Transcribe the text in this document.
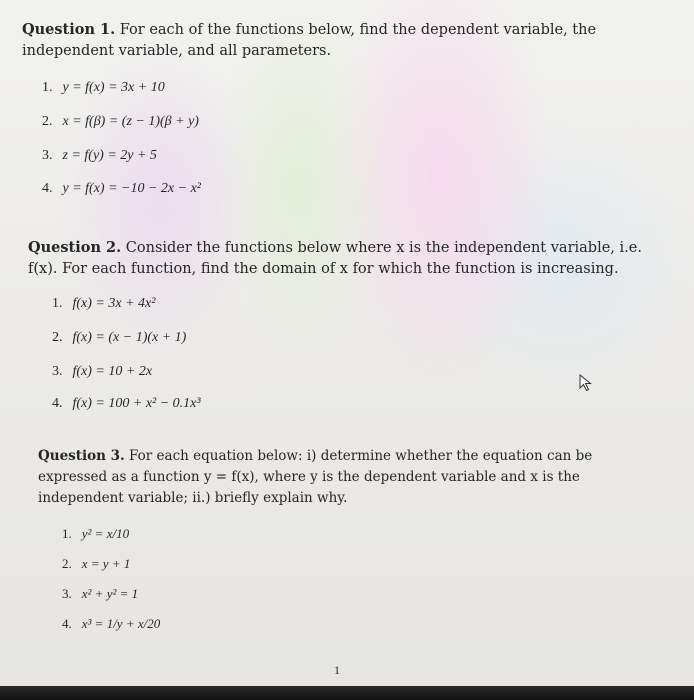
Question 1. For each of the functions below, find the dependent variable, the independent variable, and all parameters.
1. y = f(x) = 3x + 10
2. x = f(β) = (z − 1)(β + y)
3. z = f(y) = 2y + 5
4. y = f(x) = −10 − 2x − x²
Question 2. Consider the functions below where x is the independent variable, i.e. f(x). For each function, find the domain of x for which the function is increasing.
1. f(x) = 3x + 4x²
2. f(x) = (x − 1)(x + 1)
3. f(x) = 10 + 2x
4. f(x) = 100 + x² − 0.1x³
Question 3. For each equation below: i) determine whether the equation can be expressed as a function y = f(x), where y is the dependent variable and x is the independent variable; ii.) briefly explain why.
1. y² = x/10
2. x = y + 1
3. x² + y² = 1
4. x³ = 1/y + x/20
1
